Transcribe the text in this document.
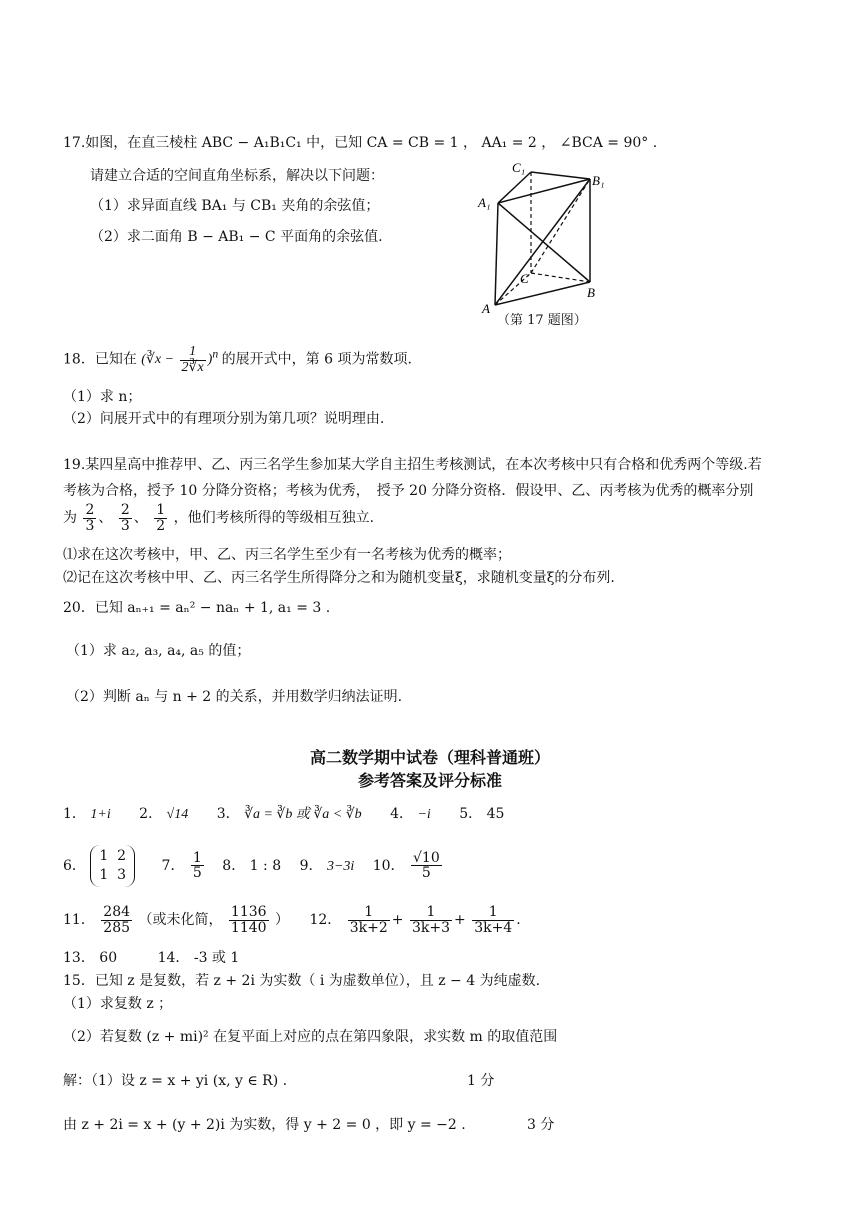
17.如图，在直三棱柱 ABC − A₁B₁C₁ 中，已知 CA = CB = 1 ， AA₁ = 2 ， ∠BCA = 90° .
请建立合适的空间直角坐标系，解决以下问题：
（1）求异面直线 BA₁ 与 CB₁ 夹角的余弦值；
（2）求二面角 B − AB₁ − C 平面角的余弦值.
C₁
B₁
A₁
C
B
A
（第 17 题图）
18．已知在 (∛x − $\frac{1}{2∛x} )^n$ 的展开式中，第 6 项为常数项.
（1）求 n；
（2）问展开式中的有理项分别为第几项？说明理由.
19.某四星高中推荐甲、乙、丙三名学生参加某大学自主招生考核测试，在本次考核中只有合格和优秀两个等级.若
考核为合格，授予 10 分降分资格；考核为优秀，　授予 20 分降分资格．假设甲、乙、丙考核为优秀的概率分别
为 $\frac{2}{3}$ 、 $\frac{2}{3}$ 、 $\frac{1}{2}$ ，他们考核所得的等级相互独立.
⑴求在这次考核中，甲、乙、丙三名学生至少有一名考核为优秀的概率；
⑵记在这次考核中甲、乙、丙三名学生所得降分之和为随机变量ξ，求随机变量ξ的分布列.
20．已知 aₙ₊₁ = aₙ² − naₙ + 1, a₁ = 3 .
（1）求 a₂, a₃, a₄, a₅ 的值；
（2）判断 aₙ 与 n + 2 的关系，并用数学归纳法证明.
高二数学期中试卷（理科普通班）
参考答案及评分标准
1． 1+i 2． √14 3． ∛a = ∛b 或 ∛a < ∛b 4． −i 5． 45
6． 1  2
1  3 7． $\frac{1}{5} 8$． 1 : 8 9． 3−3i 10． $\frac{√10}{5}$
11． $\frac{284}{285}$ （或未化简， $\frac{1136}{1140}$ ） 12． $\frac{1}{3k+2} + \frac{1}{3k+3} + \frac{1}{3k+4}$ .
13． 60	14． -3 或 1
15．已知 z 是复数，若 z + 2i 为实数（ i 为虚数单位），且 z − 4 为纯虚数.
（1）求复数 z ；
（2）若复数 (z + mi)² 在复平面上对应的点在第四象限，求实数 m 的取值范围
解：（1）设 z = x + yi (x, y ∈ R) .	1 分
由 z + 2i = x + (y + 2)i 为实数，得 y + 2 = 0 ，即 y = −2 .	3 分
